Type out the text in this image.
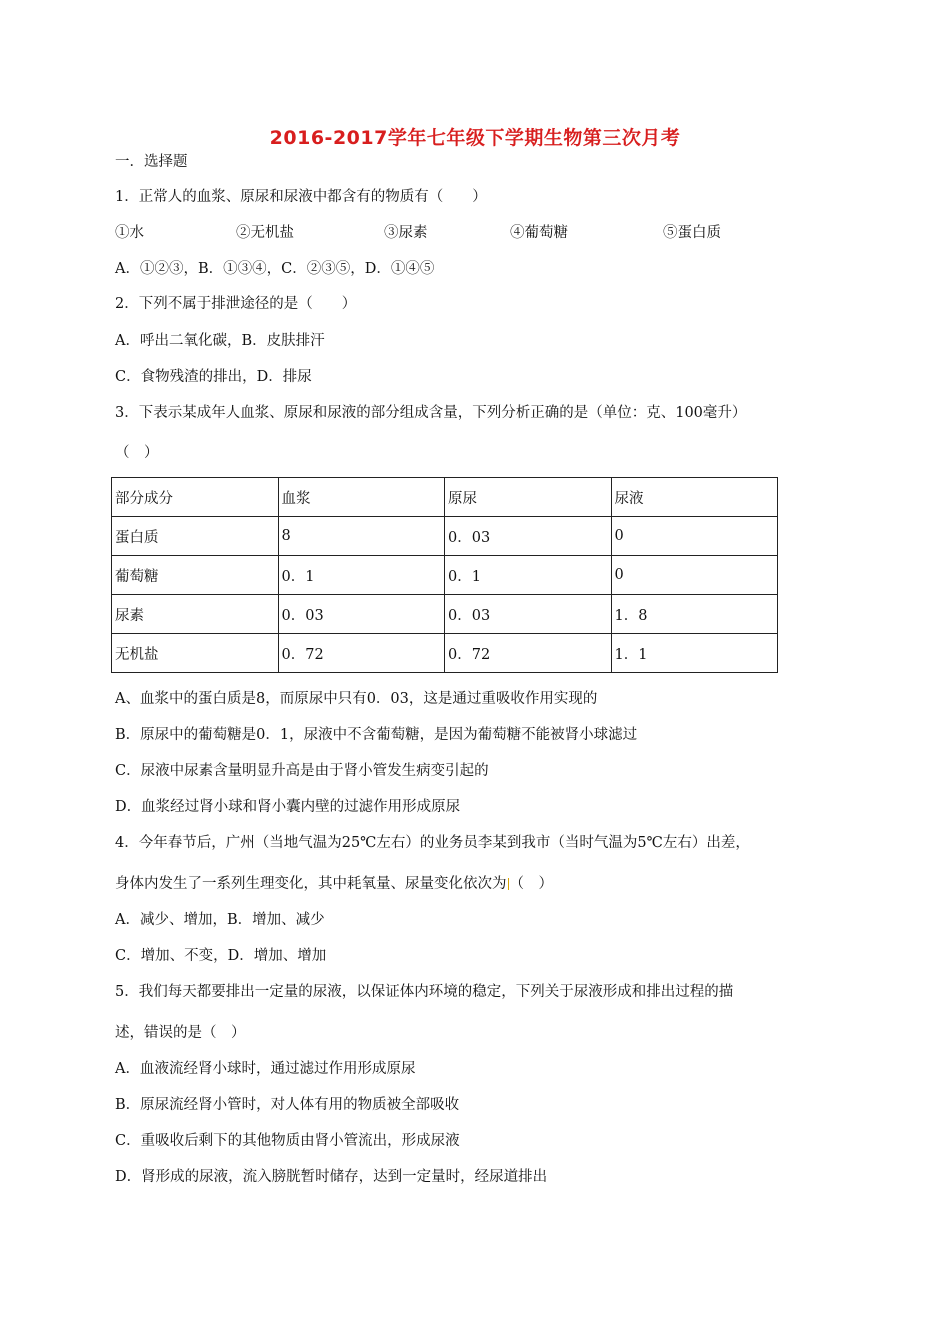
2016-2017学年七年级下学期生物第三次月考
一．选择题
1．正常人的血浆、原尿和尿液中都含有的物质有（　　）
①水	②无机盐	③尿素	④葡萄糖	⑤蛋白质
A．①②③，B．①③④，C．②③⑤，D．①④⑤
2．下列不属于排泄途径的是（　　）
A．呼出二氧化碳，B．皮肤排汗
C．食物残渣的排出，D．排尿
3．下表示某成年人血浆、原尿和尿液的部分组成含量，下列分析正确的是（单位：克、100毫升）
（　）
部分成分	血浆	原尿	尿液
蛋白质	8	0．03	0
葡萄糖	0．1	0．1	0
尿素	0．03	0．03	1．8
无机盐	0．72	0．72	1．1
A、血浆中的蛋白质是8，而原尿中只有0．03，这是通过重吸收作用实现的
B．原尿中的葡萄糖是0．1，尿液中不含葡萄糖，是因为葡萄糖不能被肾小球滤过
C．尿液中尿素含量明显升高是由于肾小管发生病变引起的
D．血浆经过肾小球和肾小囊内壁的过滤作用形成原尿
4．今年春节后，广州（当地气温为25℃左右）的业务员李某到我市（当时气温为5℃左右）出差，
身体内发生了一系列生理变化，其中耗氧量、尿量变化依次为 （　）
A．减少、增加，B．增加、减少
C．增加、不变，D．增加、增加
5．我们每天都要排出一定量的尿液，以保证体内环境的稳定，下列关于尿液形成和排出过程的描
述，错误的是（　）
A．血液流经肾小球时，通过滤过作用形成原尿
B．原尿流经肾小管时，对人体有用的物质被全部吸收
C．重吸收后剩下的其他物质由肾小管流出，形成尿液
D．肾形成的尿液，流入膀胱暂时储存，达到一定量时，经尿道排出
